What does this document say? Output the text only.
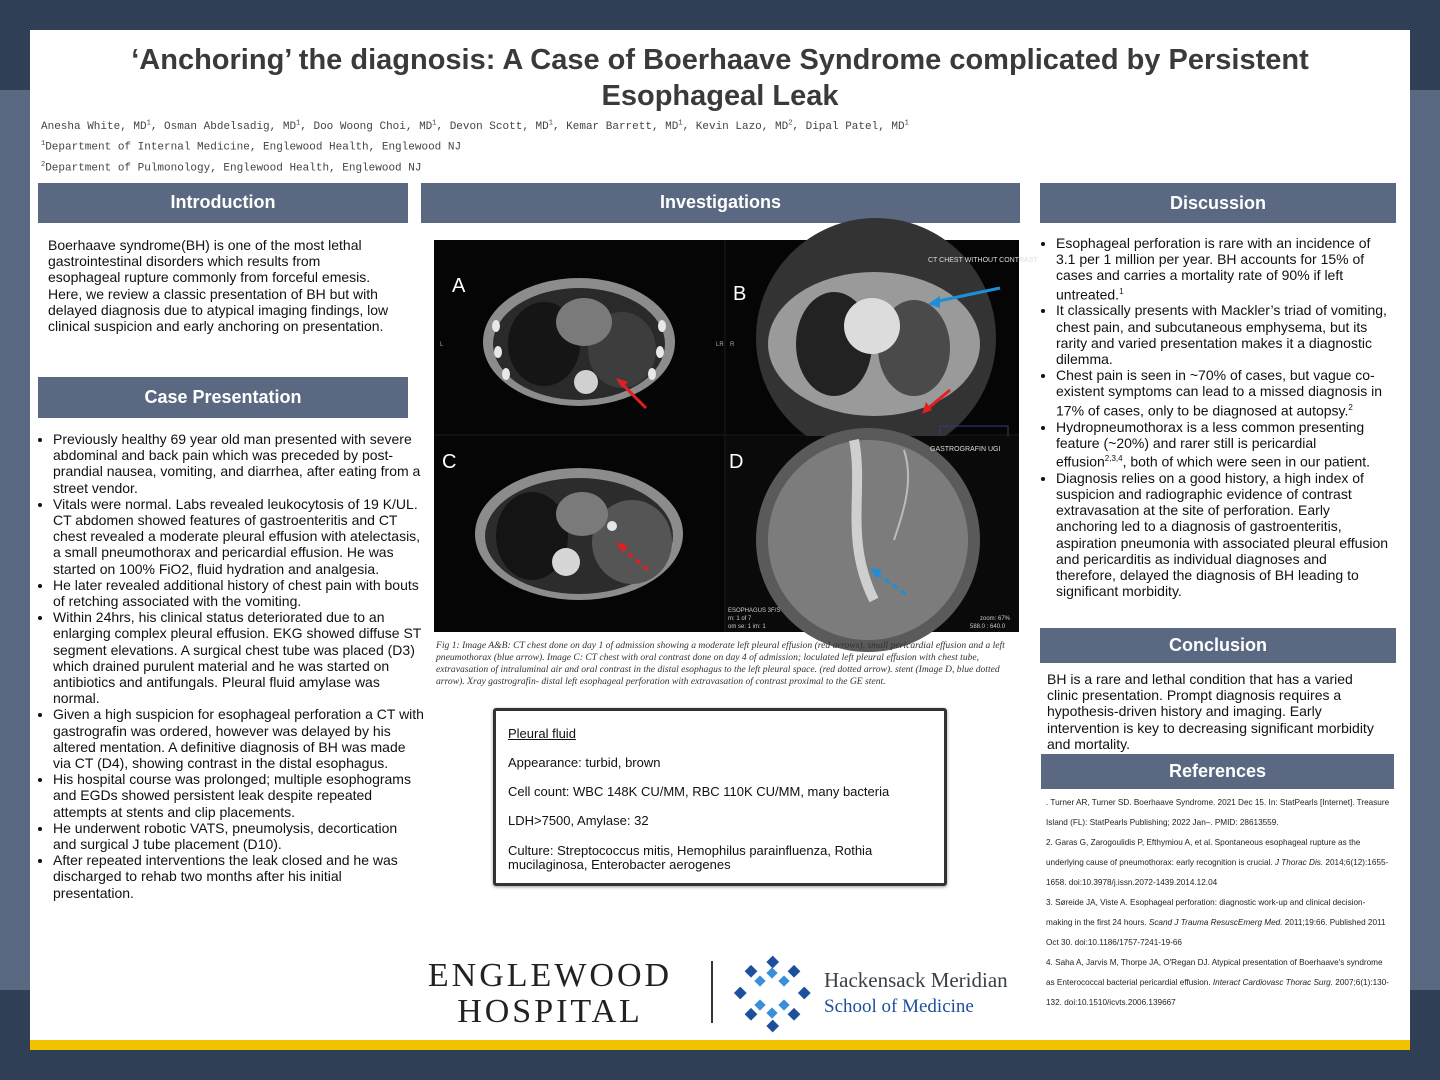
‘Anchoring’ the diagnosis: A Case of Boerhaave Syndrome complicated by Persistent Esophageal Leak
Anesha White, $MD^1$, Osman Abdelsadig, $MD^1$, Doo Woong Choi, $MD^1$, Devon Scott, $MD^1$, Kemar Barrett, $MD^1$, Kevin Lazo, $MD^2$, Dipal Patel, $MD^1$
$^1$Department of Internal Medicine, Englewood Health, Englewood NJ
$^2$Department of Pulmonology, Englewood Health, Englewood NJ
Introduction
Boerhaave syndrome(BH) is one of the most lethal gastrointestinal disorders which results from esophageal rupture commonly from forceful emesis. Here, we review a classic presentation of BH but with delayed diagnosis due to atypical imaging findings, low clinical suspicion and early anchoring on presentation.
Case Presentation
• Previously healthy 69 year old man presented with severe abdominal and back pain which was preceded by post-prandial nausea, vomiting, and diarrhea, after eating from a street vendor.
• Vitals were normal. Labs revealed leukocytosis of 19 K/UL. CT abdomen showed features of gastroenteritis and CT chest revealed a moderate pleural effusion with atelectasis, a small pneumothorax and pericardial effusion. He was started on 100% FiO2, fluid hydration and analgesia.
• He later revealed additional history of chest pain with bouts of retching associated with the vomiting.
• Within 24hrs, his clinical status deteriorated due to an enlarging complex pleural effusion. EKG showed diffuse ST segment elevations. A surgical chest tube was placed (D3) which drained purulent material and he was started on antibiotics and antifungals. Pleural fluid amylase was normal.
• Given a high suspicion for esophageal perforation a CT with gastrografin was ordered, however was delayed by his altered mentation. A definitive diagnosis of BH was made via CT (D4), showing contrast in the distal esophagus.
• His hospital course was prolonged; multiple esophograms and EGDs showed persistent leak despite repeated attempts at stents and clip placements.
• He underwent robotic VATS, pneumolysis, decortication and surgical J tube placement (D10).
• After repeated interventions the leak closed and he was discharged to rehab two months after his initial presentation.
Investigations
A
CT CHEST WITHOUT CONTRAST
B
C
GASTROGRAFIN UGI
D
ESOPHAGUS 3F/S
m: 1 of 7
om se: 1 im: 1
zoom: 67%
588.0 : 640.0
L	LR R
Fig 1: Image A&B: CT chest done on day 1 of admission showing a moderate left pleural effusion (red arrows), small pericardial effusion and a left pneumothorax (blue arrow). Image C: CT chest with oral contrast done on day 4 of admission; loculated left pleural effusion with chest tube, extravasation of intraluminal air and oral contrast in the distal esophagus to the left pleural space. (red dotted arrow). stent (Image D, blue dotted arrow). Xray gastrografin- distal left esophageal perforation with extravasation of contrast proximal to the GE stent.

Pleural fluid

Appearance: turbid, brown

Cell count: WBC 148K CU/MM, RBC 110K CU/MM, many bacteria

LDH>7500, Amylase: 32

Culture: Streptococcus mitis, Hemophilus parainfluenza, Rothia mucilaginosa, Enterobacter aerogenes

Discussion
• Esophageal perforation is rare with an incidence of 3.1 per 1 million per year. BH accounts for 15% of cases and carries a mortality rate of 90% if left untreated.$^1$
• It classically presents with Mackler’s triad of vomiting, chest pain, and subcutaneous emphysema, but its rarity and varied presentation makes it a diagnostic dilemma.
• Chest pain is seen in ~70% of cases, but vague co-existent symptoms can lead to a missed diagnosis in 17% of cases, only to be diagnosed at autopsy.$^2$
• Hydropneumothorax is a less common presenting feature (~20%) and rarer still is pericardial effusion$^{2,3,4}$, both of which were seen in our patient.
• Diagnosis relies on a good history, a high index of suspicion and radiographic evidence of contrast extravasation at the site of perforation. Early anchoring led to a diagnosis of gastroenteritis, aspiration pneumonia with associated pleural effusion and pericarditis as individual diagnoses and therefore, delayed the diagnosis of BH leading to significant morbidity.
Conclusion
BH is a rare and lethal condition that has a varied clinic presentation. Prompt diagnosis requires a hypothesis-driven history and imaging. Early intervention is key to decreasing significant morbidity and mortality.
References
. Turner AR, Turner SD. Boerhaave Syndrome. 2021 Dec 15. In: StatPearls [Internet]. Treasure Island (FL): StatPearls Publishing; 2022 Jan–. PMID: 28613559.
2. Garas G, Zarogoulidis P, Efthymiou A, et al. Spontaneous esophageal rupture as the underlying cause of pneumothorax: early recognition is crucial. J Thorac Dis. 2014;6(12):1655-1658. doi:10.3978/j.issn.2072-1439.2014.12.04
3. Søreide JA, Viste A. Esophageal perforation: diagnostic work-up and clinical decision-making in the first 24 hours. Scand J Trauma ResuscEmerg Med. 2011;19:66. Published 2011 Oct 30. doi:10.1186/1757-7241-19-66
4. Saha A, Jarvis M, Thorpe JA, O'Regan DJ. Atypical presentation of Boerhaave's syndrome as Enterococcal bacterial pericardial effusion. Interact Cardiovasc Thorac Surg. 2007;6(1):130-132. doi:10.1510/icvts.2006.139667
ENGLEWOOD
HOSPITAL
Hackensack Meridian
School of Medicine
